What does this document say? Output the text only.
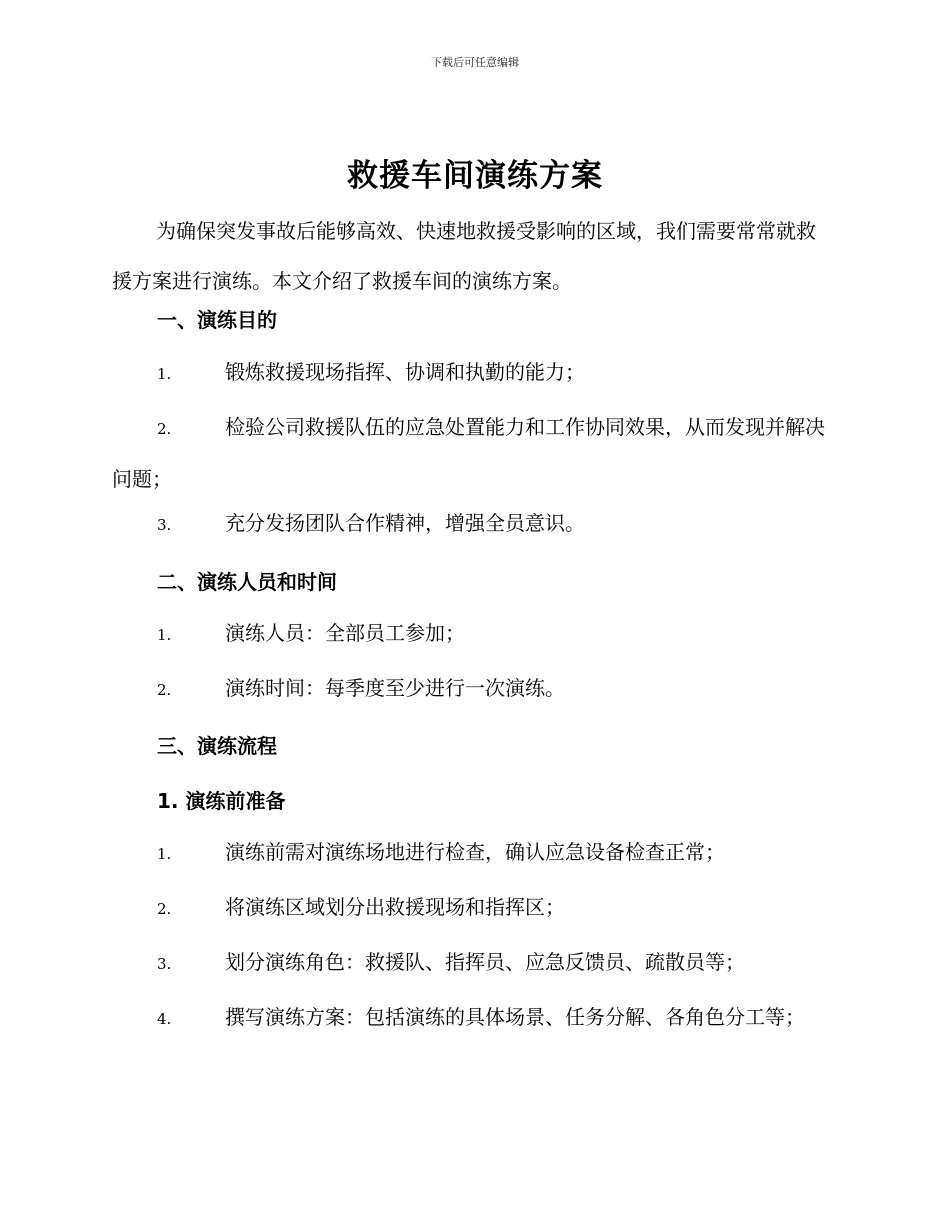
下载后可任意编辑
救援车间演练方案

为确保突发事故后能够高效、快速地救援受影响的区域，我们需要常常就救援方案进行演练。本文介绍了救援车间的演练方案。

一、演练目的

1.	锻炼救援现场指挥、协调和执勤的能力；

2.	检验公司救援队伍的应急处置能力和工作协同效果，从而发现并解决问题；

3.	充分发扬团队合作精神，增强全员意识。

二、演练人员和时间

1.	演练人员：全部员工参加；

2.	演练时间：每季度至少进行一次演练。

三、演练流程

1. 演练前准备

1.	演练前需对演练场地进行检查，确认应急设备检查正常；

2.	将演练区域划分出救援现场和指挥区；

3.	划分演练角色：救援队、指挥员、应急反馈员、疏散员等；

4.	撰写演练方案：包括演练的具体场景、任务分解、各角色分工等；
